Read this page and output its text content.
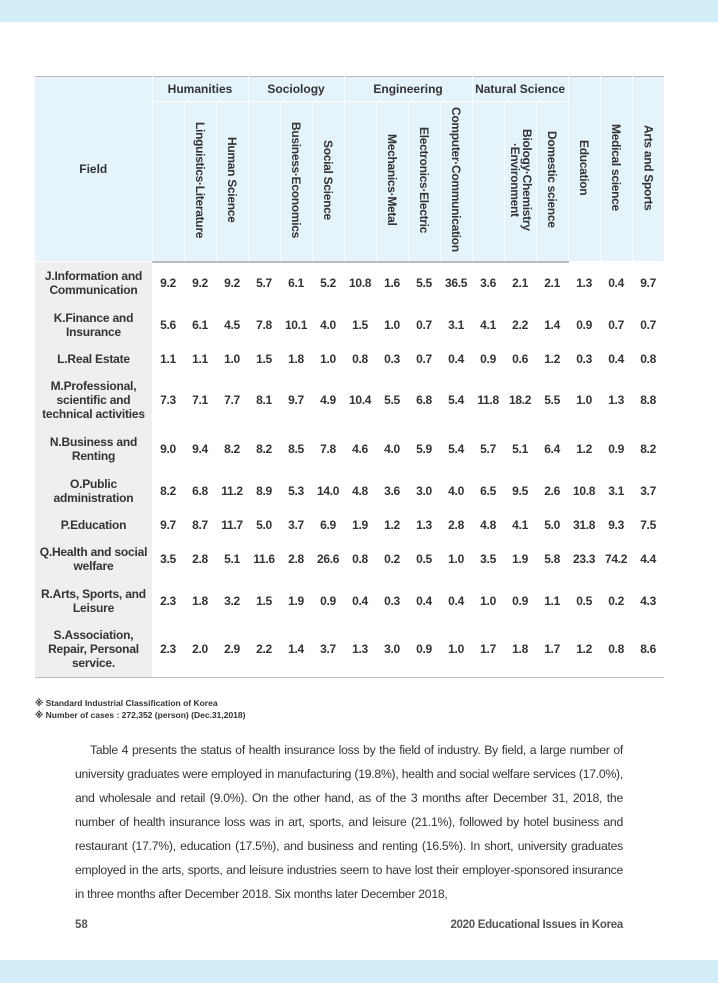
Field	Humanities			Sociology			Engineering				Natural Science			Education	Medical science	Arts and Sports
		Linguistics·Literature	Human Science		Business·Economics	Social Science		Mechanics·Metal	Electronics·Electric	Computer·Communication		Biology·Chemistry ·Environment	Domestic science			
J.Information and Communication	9.2	9.2	9.2	5.7	6.1	5.2	10.8	1.6	5.5	36.5	3.6	2.1	2.1	1.3	0.4	9.7
K.Finance and Insurance	5.6	6.1	4.5	7.8	10.1	4.0	1.5	1.0	0.7	3.1	4.1	2.2	1.4	0.9	0.7	0.7
L.Real Estate	1.1	1.1	1.0	1.5	1.8	1.0	0.8	0.3	0.7	0.4	0.9	0.6	1.2	0.3	0.4	0.8
M.Professional, scientific and technical activities	7.3	7.1	7.7	8.1	9.7	4.9	10.4	5.5	6.8	5.4	11.8	18.2	5.5	1.0	1.3	8.8
N.Business and Renting	9.0	9.4	8.2	8.2	8.5	7.8	4.6	4.0	5.9	5.4	5.7	5.1	6.4	1.2	0.9	8.2
O.Public administration	8.2	6.8	11.2	8.9	5.3	14.0	4.8	3.6	3.0	4.0	6.5	9.5	2.6	10.8	3.1	3.7
P.Education	9.7	8.7	11.7	5.0	3.7	6.9	1.9	1.2	1.3	2.8	4.8	4.1	5.0	31.8	9.3	7.5
Q.Health and social welfare	3.5	2.8	5.1	11.6	2.8	26.6	0.8	0.2	0.5	1.0	3.5	1.9	5.8	23.3	74.2	4.4
R.Arts, Sports, and Leisure	2.3	1.8	3.2	1.5	1.9	0.9	0.4	0.3	0.4	0.4	1.0	0.9	1.1	0.5	0.2	4.3
S.Association, Repair, Personal service.	2.3	2.0	2.9	2.2	1.4	3.7	1.3	3.0	0.9	1.0	1.7	1.8	1.7	1.2	0.8	8.6
※ Standard Industrial Classification of Korea
※ Number of cases : 272,352 (person) (Dec.31,2018)

Table 4 presents the status of health insurance loss by the field of industry. By field, a large number of university graduates were employed in manufacturing (19.8%), health and social welfare services (17.0%), and wholesale and retail (9.0%). On the other hand, as of the 3 months after December 31, 2018, the number of health insurance loss was in art, sports, and leisure (21.1%), followed by hotel business and restaurant (17.7%), education (17.5%), and business and renting (16.5%). In short, university graduates employed in the arts, sports, and leisure industries seem to have lost their employer-sponsored insurance in three months after December 2018. Six months later December 2018,

58	2020 Educational Issues in Korea
